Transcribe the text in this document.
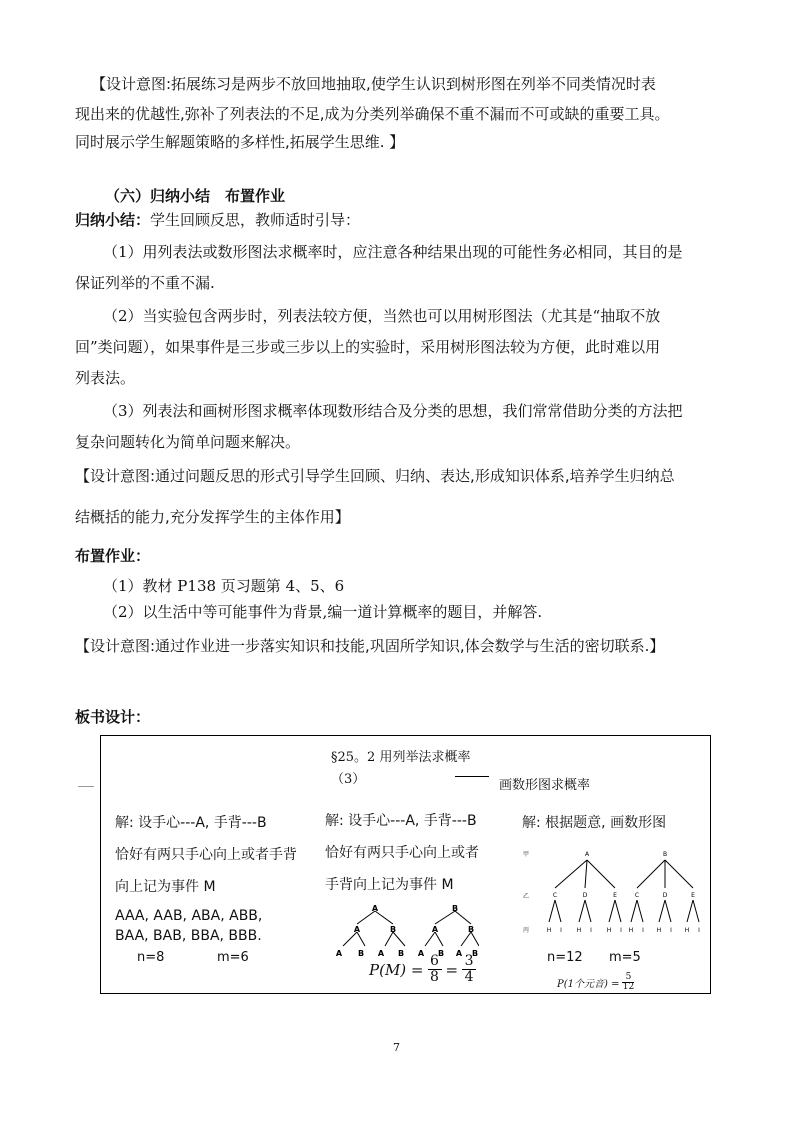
【设计意图:拓展练习是两步不放回地抽取,使学生认识到树形图在列举不同类情况时表
现出来的优越性,弥补了列表法的不足,成为分类列举确保不重不漏而不可或缺的重要工具。
同时展示学生解题策略的多样性,拓展学生思维. 】
（六）归纳小结　布置作业
归纳小结：学生回顾反思，教师适时引导：
（1）用列表法或数形图法求概率时，应注意各种结果出现的可能性务必相同，其目的是
保证列举的不重不漏.
（2）当实验包含两步时，列表法较方便，当然也可以用树形图法（尤其是“抽取不放
回”类问题），如果事件是三步或三步以上的实验时，采用树形图法较为方便，此时难以用
列表法。
（3）列表法和画树形图求概率体现数形结合及分类的思想，我们常常借助分类的方法把
复杂问题转化为简单问题来解决。
【设计意图:通过问题反思的形式引导学生回顾、归纳、表达,形成知识体系,培养学生归纳总
结概括的能力,充分发挥学生的主体作用】
布置作业：
（1）教材 P138 页习题第 4、5、6
（2）以生活中等可能事件为背景,编一道计算概率的题目，并解答.
【设计意图:通过作业进一步落实知识和技能,巩固所学知识,体会数学与生活的密切联系.】
板书设计：
§25。2 用列举法求概率
（3）	画数形图求概率
解: 设手心---A, 手背---B
恰好有两只手心向上或者手背
向上记为事件 M
AAA, AAB, ABA, ABB,
BAA, BAB, BBA, BBB.
n=8	m=6
解: 设手心---A, 手背---B
恰好有两只手心向上或者
手背向上记为事件 M
A	B
A	B	A	B
A B A B A B A B
P(M) = 6
8 = 3
4
解: 根据题意, 画数形图
甲
乙
丙
A	B
C	D	E	C	D	E
H I H I H I H I H I H I
n=12 m=5
P(1个元音) =
5
12
7
